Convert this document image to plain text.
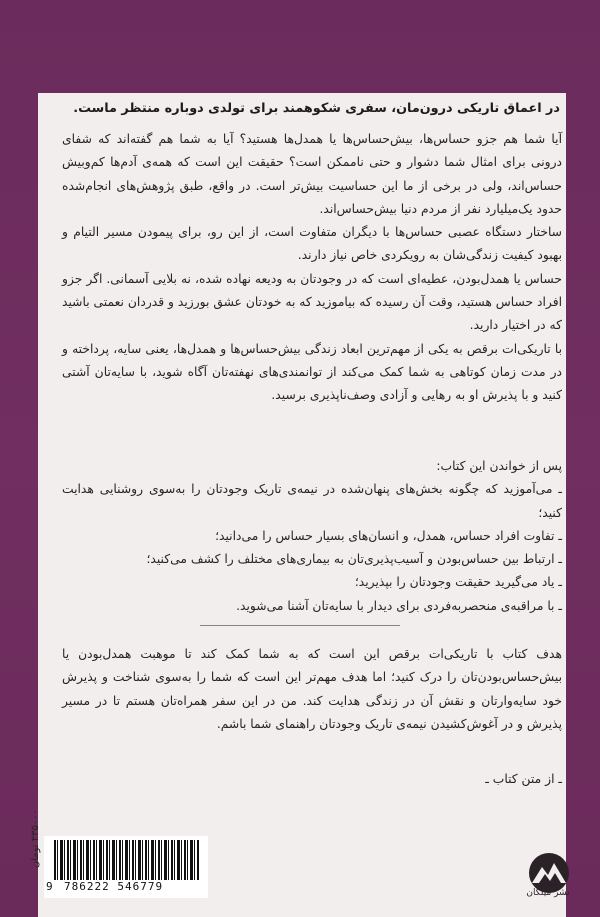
در اعماق تاریکی درون‌مان، سفری شکوهمند برای تولدی دوباره منتظر ماست.

آیا شما هم جزو حساس‌ها، بیش‌حساس‌ها یا همدل‌ها هستید؟ آیا به شما هم گفته‌اند که شفای درونی برای امثال شما دشوار و حتی ناممکن است؟ حقیقت این است که همه‌ی آدم‌ها کم‌وبیش حساس‌اند، ولی در برخی از ما این حساسیت بیش‌تر است. در واقع، طبق پژوهش‌های انجام‌شده حدود یک‌میلیارد نفر از مردم دنیا بیش‌حساس‌اند.

ساختار دستگاه عصبی حساس‌ها با دیگران متفاوت است، از این رو، برای پیمودن مسیر التیام و بهبود کیفیت زندگی‌شان به رویکردی خاص نیاز دارند.

حساس یا همدل‌بودن، عطیه‌ای است که در وجودتان به ودیعه نهاده شده، نه بلایی آسمانی. اگر جزو افراد حساس هستید، وقت آن رسیده که بیاموزید که به خودتان عشق بورزید و قدردان نعمتی باشید که در اختیار دارید.

با تاریکی‌ات برقص به یکی از مهم‌ترین ابعاد زندگی بیش‌حساس‌ها و همدل‌ها، یعنی سایه، پرداخته و در مدت زمان کوتاهی به شما کمک می‌کند از توانمندی‌های نهفته‌تان آگاه شوید، با سایه‌تان آشتی کنید و با پذیرش او به رهایی و آزادی وصف‌ناپذیری برسید.

پس از خواندن این کتاب:

ـ می‌آموزید که چگونه بخش‌های پنهان‌شده در نیمه‌ی تاریک وجودتان را به‌سوی روشنایی هدایت کنید؛

ـ تفاوت افراد حساس، همدل، و انسان‌های بسیار حساس را می‌دانید؛

ـ ارتباط بین حساس‌بودن و آسیب‌پذیری‌تان به بیماری‌های مختلف را کشف می‌کنید؛

ـ یاد می‌گیرید حقیقت وجودتان را بپذیرید؛

ـ با مراقبه‌ی منحصربه‌فردی برای دیدار با سایه‌تان آشنا می‌شوید.

هدف کتاب با تاریکی‌ات برقص این است که به شما کمک کند تا موهبت همدل‌بودن یا بیش‌حساس‌بودن‌تان را درک کنید؛ اما هدف مهم‌تر این است که شما را به‌سوی شناخت و پذیرش خود سایه‌وارتان و نقش آن در زندگی هدایت کند. من در این سفر همراه‌تان هستم تا در مسیر پذیرش و در آغوش‌کشیدن نیمه‌ی تاریک وجودتان راهنمای شما باشم.

ـ از متن کتاب ـ
9 786222 546779
۲۳۵۰۰۰ تومان
نشر میلکان
